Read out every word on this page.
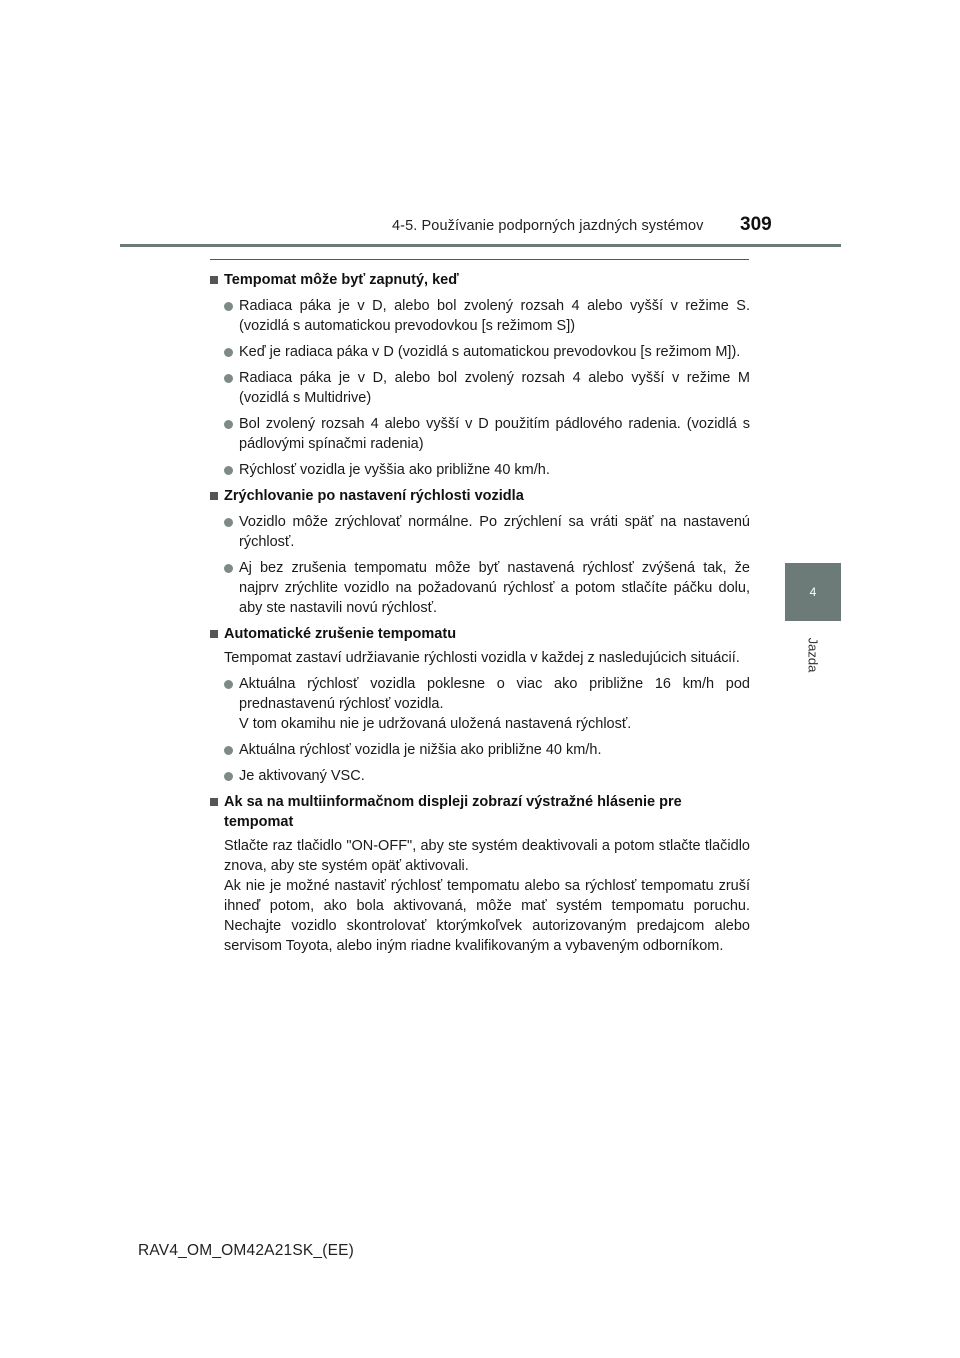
4-5. Používanie podporných jazdných systémov 309
4
Jazda
Tempomat môže byť zapnutý, keď
Radiaca páka je v D, alebo bol zvolený rozsah 4 alebo vyšší v režime S. (vozidlá s automatickou prevodovkou [s režimom S])
Keď je radiaca páka v D (vozidlá s automatickou prevodovkou [s režimom M]).
Radiaca páka je v D, alebo bol zvolený rozsah 4 alebo vyšší v režime M (vozidlá s Multidrive)
Bol zvolený rozsah 4 alebo vyšší v D použitím pádlového radenia. (vozidlá s pádlovými spínačmi radenia)
Rýchlosť vozidla je vyššia ako približne 40 km/h.
Zrýchlovanie po nastavení rýchlosti vozidla
Vozidlo môže zrýchlovať normálne. Po zrýchlení sa vráti späť na nastavenú rýchlosť.
Aj bez zrušenia tempomatu môže byť nastavená rýchlosť zvýšená tak, že najprv zrýchlite vozidlo na požadovanú rýchlosť a potom stlačíte páčku dolu, aby ste nastavili novú rýchlosť.
Automatické zrušenie tempomatu
Tempomat zastaví udržiavanie rýchlosti vozidla v každej z nasledujúcich situácií.
Aktuálna rýchlosť vozidla poklesne o viac ako približne 16 km/h pod prednastavenú rýchlosť vozidla.
V tom okamihu nie je udržovaná uložená nastavená rýchlosť.
Aktuálna rýchlosť vozidla je nižšia ako približne 40 km/h.
Je aktivovaný VSC.
Ak sa na multiinformačnom displeji zobrazí výstražné hlásenie pre tempomat
Stlačte raz tlačidlo "ON-OFF", aby ste systém deaktivovali a potom stlačte tlačidlo znova, aby ste systém opäť aktivovali.
Ak nie je možné nastaviť rýchlosť tempomatu alebo sa rýchlosť tempomatu zruší ihneď potom, ako bola aktivovaná, môže mať systém tempomatu poruchu. Nechajte vozidlo skontrolovať ktorýmkoľvek autorizovaným predajcom alebo servisom Toyota, alebo iným riadne kvalifikovaným a vybaveným odborníkom.
RAV4_OM_OM42A21SK_(EE)
